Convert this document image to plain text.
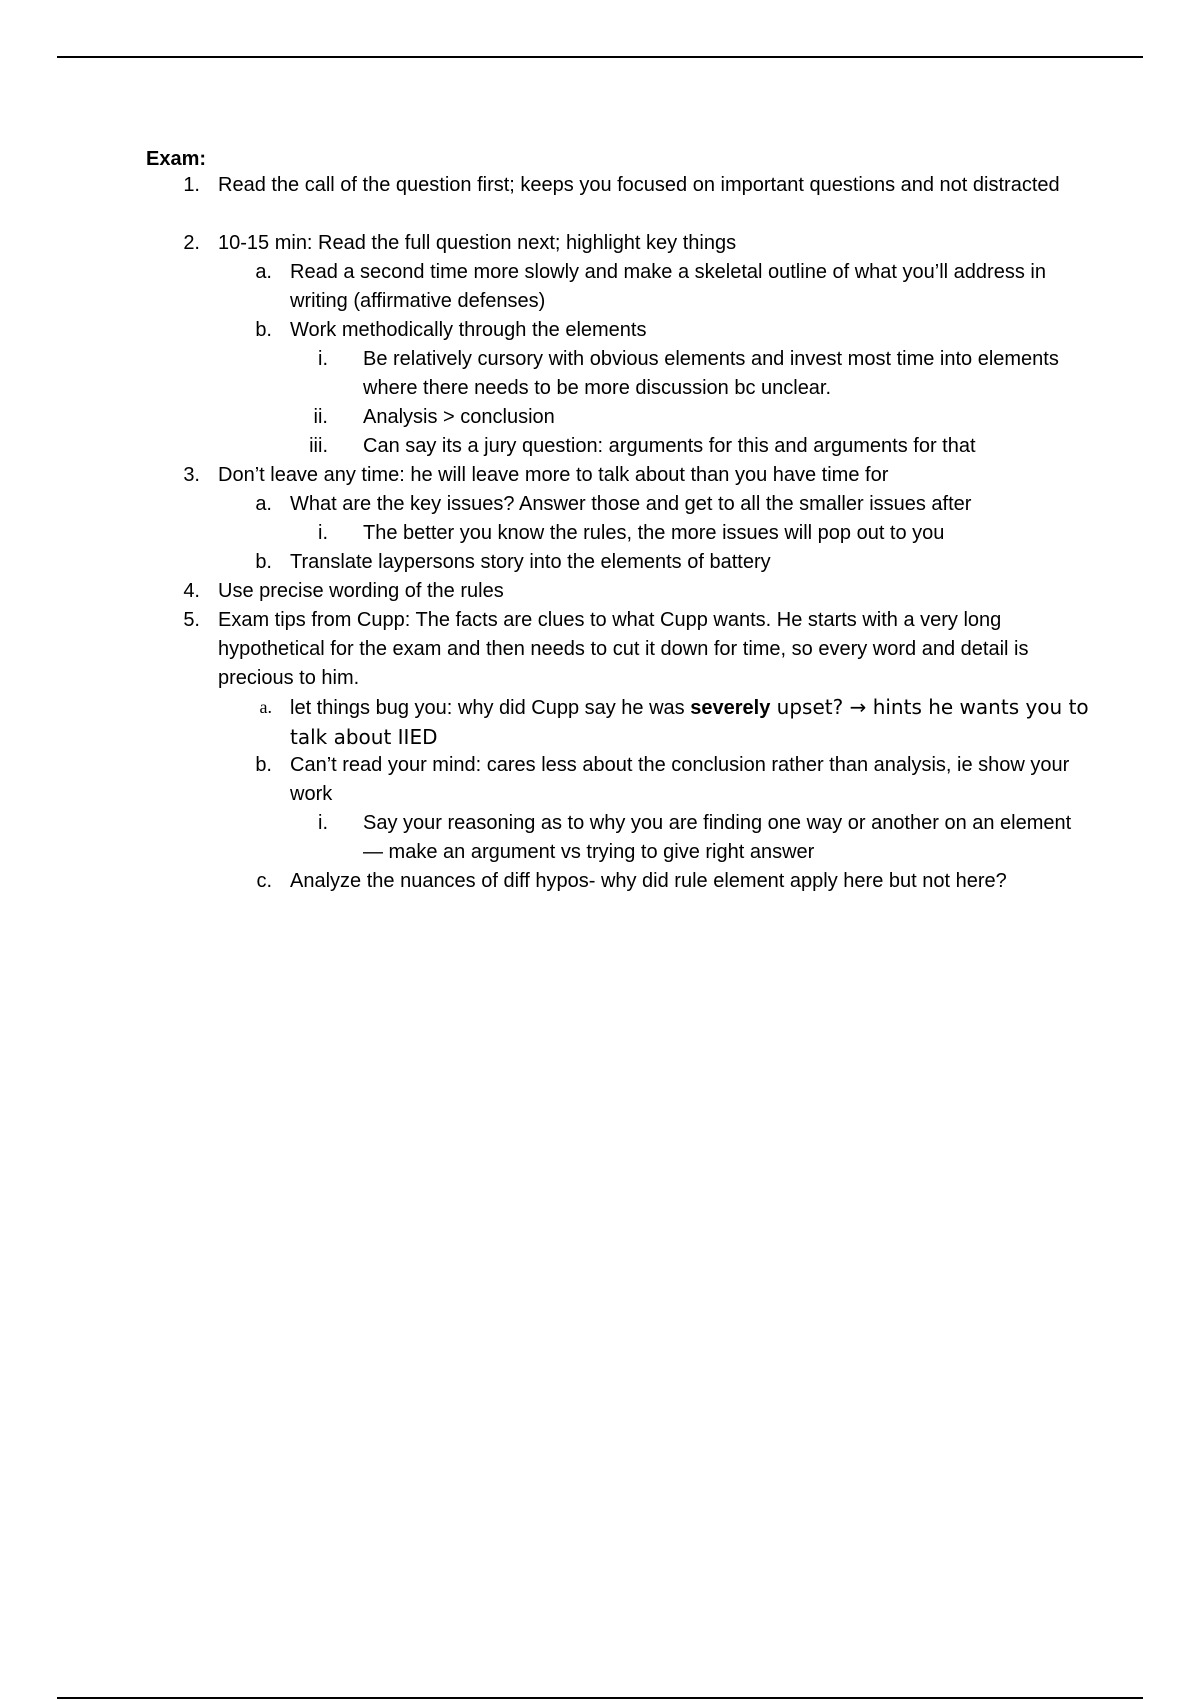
Exam:
1. Read the call of the question first; keeps you focused on important questions and not distracted
2. 10-15 min: Read the full question next; highlight key things
a. Read a second time more slowly and make a skeletal outline of what you’ll address in writing (affirmative defenses)
b. Work methodically through the elements
i. Be relatively cursory with obvious elements and invest most time into elements where there needs to be more discussion bc unclear.
ii. Analysis > conclusion
iii. Can say its a jury question: arguments for this and arguments for that
3. Don’t leave any time: he will leave more to talk about than you have time for
a. What are the key issues? Answer those and get to all the smaller issues after
i. The better you know the rules, the more issues will pop out to you
b. Translate laypersons story into the elements of battery
4. Use precise wording of the rules
5. Exam tips from Cupp: The facts are clues to what Cupp wants. He starts with a very long hypothetical for the exam and then needs to cut it down for time, so every word and detail is precious to him.
a. let things bug you: why did Cupp say he was severely upset? → hints he wants you to talk about IIED
b. Can’t read your mind: cares less about the conclusion rather than analysis, ie show your work
i. Say your reasoning as to why you are finding one way or another on an element — make an argument vs trying to give right answer
c. Analyze the nuances of diff hypos- why did rule element apply here but not here?
